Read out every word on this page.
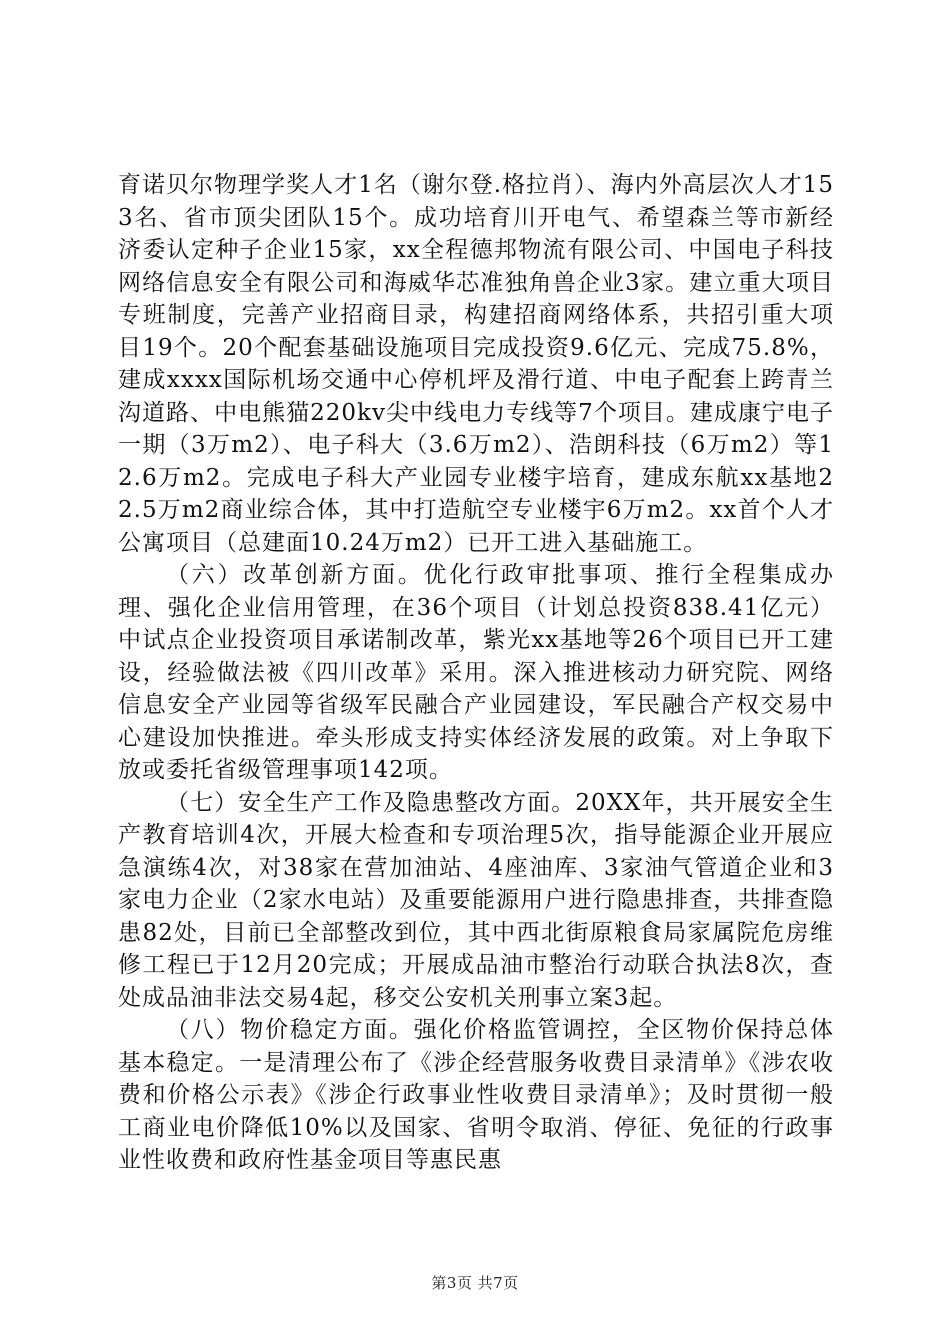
育诺贝尔物理学奖人才1名（谢尔登.格拉肖）、海内外高层次人才153名、省市顶尖团队15个。成功培育川开电气、希望森兰等市新经济委认定种子企业15家，xx全程德邦物流有限公司、中国电子科技网络信息安全有限公司和海威华芯准独角兽企业3家。建立重大项目专班制度，完善产业招商目录，构建招商网络体系，共招引重大项目19个。20个配套基础设施项目完成投资9.6亿元、完成75.8%，建成xxxx国际机场交通中心停机坪及滑行道、中电子配套上跨青兰沟道路、中电熊猫220kv尖中线电力专线等7个项目。建成康宁电子一期（3万m2）、电子科大（3.6万m2）、浩朗科技（6万m2）等12.6万m2。完成电子科大产业园专业楼宇培育，建成东航xx基地22.5万m2商业综合体，其中打造航空专业楼宇6万m2。xx首个人才公寓项目（总建面10.24万m2）已开工进入基础施工。

（六）改革创新方面。优化行政审批事项、推行全程集成办理、强化企业信用管理，在36个项目（计划总投资838.41亿元）中试点企业投资项目承诺制改革，紫光xx基地等26个项目已开工建设，经验做法被《四川改革》采用。深入推进核动力研究院、网络信息安全产业园等省级军民融合产业园建设，军民融合产权交易中心建设加快推进。牵头形成支持实体经济发展的政策。对上争取下放或委托省级管理事项142项。

（七）安全生产工作及隐患整改方面。20XX年，共开展安全生产教育培训4次，开展大检查和专项治理5次，指导能源企业开展应急演练4次，对38家在营加油站、4座油库、3家油气管道企业和3家电力企业（2家水电站）及重要能源用户进行隐患排查，共排查隐患82处，目前已全部整改到位，其中西北街原粮食局家属院危房维修工程已于12月20完成；开展成品油市整治行动联合执法8次，查处成品油非法交易4起，移交公安机关刑事立案3起。

（八）物价稳定方面。强化价格监管调控，全区物价保持总体基本稳定。一是清理公布了《涉企经营服务收费目录清单》《涉农收费和价格公示表》《涉企行政事业性收费目录清单》；及时贯彻一般工商业电价降低10%以及国家、省明令取消、停征、免征的行政事业性收费和政府性基金项目等惠民惠

第3页 共7页
